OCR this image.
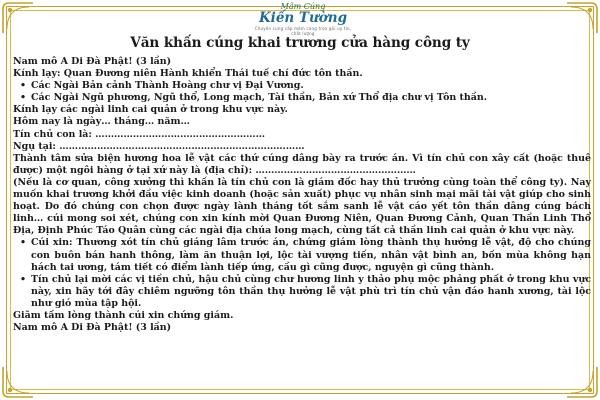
Mâm Cúng
Kiến Tường
Chuyên cung cấp mâm cúng trọn gói uy tín, chất lượng
Văn khấn cúng khai trương cửa hàng công ty
Nam mô A Di Đà Phật! (3 lần)
Kính lạy: Quan Đương niên Hành khiển Thái tuế chí đức tôn thần.
• Các Ngài Bản cảnh Thành Hoàng chư vị Đại Vương.
• Các Ngài Ngũ phương, Ngũ thổ, Long mạch, Tài thần, Bản xứ Thổ địa chư vị Tôn thần.
Kính lạy các ngài linh cai quản ở trong khu vực này.
Hôm nay là ngày… tháng… năm…
Tín chủ con là: ………………………………………………
Ngụ tại: ……………………………………………………………………
Thành tâm sửa biện hương hoa lễ vật các thứ cúng dâng bày ra trước án. Vì tín chủ con xây cất (hoặc thuê được) một ngôi hàng ở tại xứ này là (địa chỉ): ……………………………………………
(Nếu là cơ quan, công xưởng thì khấn là tín chủ con là giám đốc hay thủ trưởng cùng toàn thể công ty). Nay muốn khai trương khởi đầu việc kinh doanh (hoặc sản xuất) phục vụ nhân sinh mại mãi tài vật giúp cho sinh hoạt. Do đó chúng con chọn được ngày lành tháng tốt sắm sanh lễ vật cáo yết tôn thần dâng cúng bách linh… cúi mong soi xét, chúng con xin kính mời Quan Đương Niên, Quan Đương Cảnh, Quan Thần Linh Thổ Địa, Định Phúc Táo Quân cùng các ngài địa chúa long mạch, cùng tất cả thần linh cai quản ở khu vực này.
• Cúi xin: Thương xót tín chủ giáng lâm trước án, chứng giám lòng thành thụ hưởng lễ vật, độ cho chúng con buôn bán hanh thông, làm ăn thuận lợi, lộc tài vượng tiến, nhân vật bình an, bốn mùa không hạn hách tai ương, tám tiết có điểm lành tiếp ứng, cầu gì cũng được, nguyện gì cũng thành.
• Tín chủ lại mời các vị tiền chủ, hậu chủ cùng chư hương linh y thảo phụ mộc phảng phất ở trong khu vực này, xin hãy tới đây chiêm ngưỡng tôn thần thụ hưởng lễ vật phù trì tín chủ vận đáo hanh xương, tài lộc như gió mùa tập hội.
Giãm tấm lòng thành cúi xin chứng giám.
Nam mô A Di Đà Phật! (3 lần)
